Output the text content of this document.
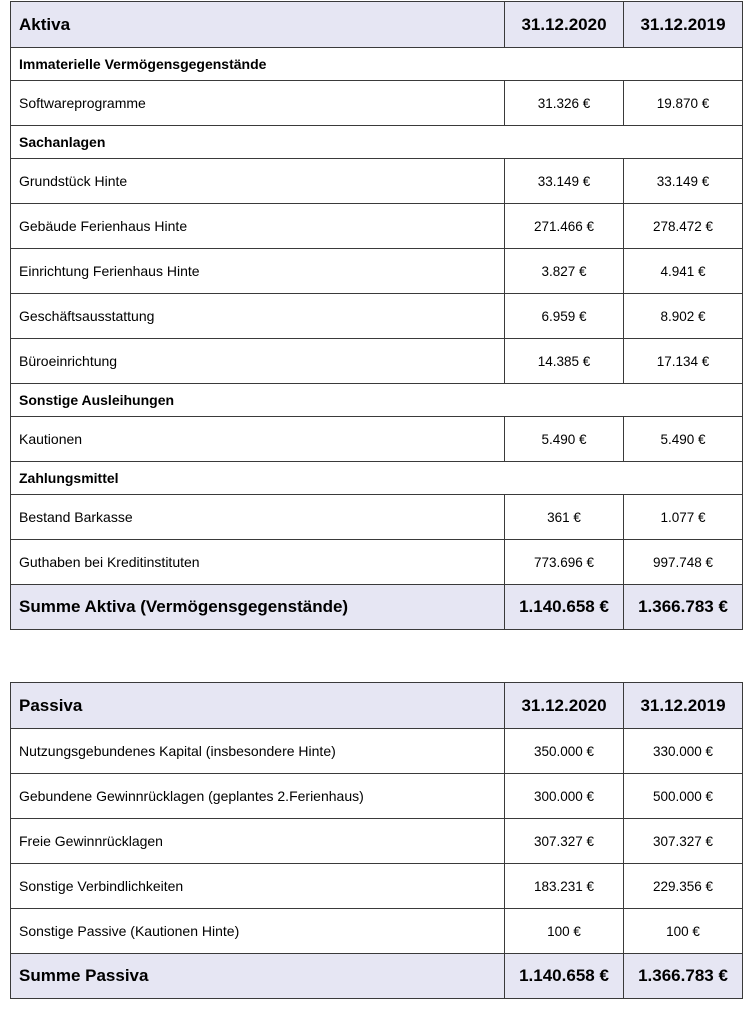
Aktiva	31.12.2020	31.12.2019
Immaterielle Vermögensgegenstände		
Softwareprogramme	31.326 €	19.870 €
Sachanlagen		
Grundstück Hinte	33.149 €	33.149 €
Gebäude Ferienhaus Hinte	271.466 €	278.472 €
Einrichtung Ferienhaus Hinte	3.827 €	4.941 €
Geschäftsausstattung	6.959 €	8.902 €
Büroeinrichtung	14.385 €	17.134 €
Sonstige Ausleihungen		
Kautionen	5.490 €	5.490 €
Zahlungsmittel		
Bestand Barkasse	361 €	1.077 €
Guthaben bei Kreditinstituten	773.696 €	997.748 €
Summe Aktiva (Vermögensgegenstände)	1.140.658 €	1.366.783 €
Passiva	31.12.2020	31.12.2019
Nutzungsgebundenes Kapital (insbesondere Hinte)	350.000 €	330.000 €
Gebundene Gewinnrücklagen (geplantes 2.Ferienhaus)	300.000 €	500.000 €
Freie Gewinnrücklagen	307.327 €	307.327 €
Sonstige Verbindlichkeiten	183.231 €	229.356 €
Sonstige Passive (Kautionen Hinte)	100 €	100 €
Summe Passiva	1.140.658 €	1.366.783 €
